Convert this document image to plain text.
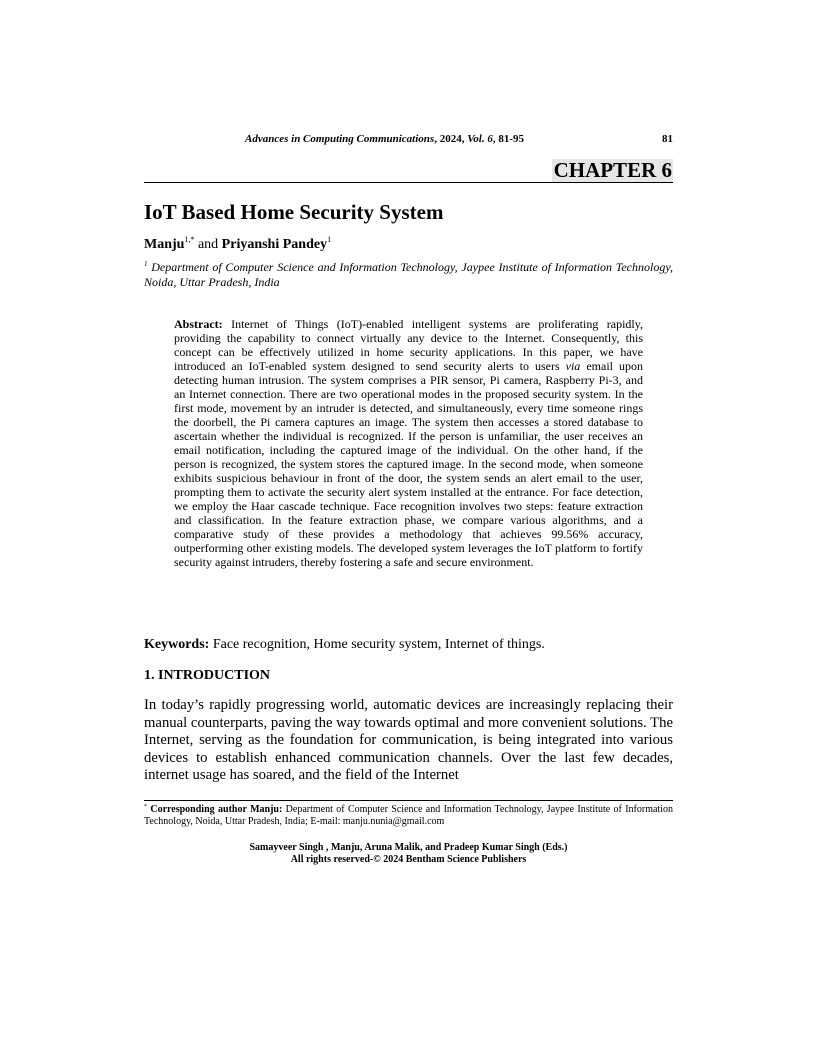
Advances in Computing Communications, 2024, Vol. 6, 81-95	81
CHAPTER 6
IoT Based Home Security System
Manju$^{1,*}$ and Priyanshi Pandey$^1$
$^1$ Department of Computer Science and Information Technology, Jaypee Institute of Information Technology, Noida, Uttar Pradesh, India
Abstract: Internet of Things (IoT)-enabled intelligent systems are proliferating rapidly, providing the capability to connect virtually any device to the Internet. Consequently, this concept can be effectively utilized in home security applications. In this paper, we have introduced an IoT-enabled system designed to send security alerts to users via email upon detecting human intrusion. The system comprises a PIR sensor, Pi camera, Raspberry Pi-3, and an Internet connection. There are two operational modes in the proposed security system. In the first mode, movement by an intruder is detected, and simultaneously, every time someone rings the doorbell, the Pi camera captures an image. The system then accesses a stored database to ascertain whether the individual is recognized. If the person is unfamiliar, the user receives an email notification, including the captured image of the individual. On the other hand, if the person is recognized, the system stores the captured image. In the second mode, when someone exhibits suspicious behaviour in front of the door, the system sends an alert email to the user, prompting them to activate the security alert system installed at the entrance. For face detection, we employ the Haar cascade technique. Face recognition involves two steps: feature extraction and classification. In the feature extraction phase, we compare various algorithms, and a comparative study of these provides a methodology that achieves 99.56% accuracy, outperforming other existing models. The developed system leverages the IoT platform to fortify security against intruders, thereby fostering a safe and secure environment.
Keywords: Face recognition, Home security system, Internet of things.
1. INTRODUCTION

In today’s rapidly progressing world, automatic devices are increasingly replacing their manual counterparts, paving the way towards optimal and more convenient solutions. The Internet, serving as the foundation for communication, is being integrated into various devices to establish enhanced communication channels. Over the last few decades, internet usage has soared, and the field of the Internet

* Corresponding author Manju: Department of Computer Science and Information Technology, Jaypee Institute of Information Technology, Noida, Uttar Pradesh, India; E-mail: manju.nunia@gmail.com
Samayveer Singh , Manju, Aruna Malik, and Pradeep Kumar Singh (Eds.)
All rights reserved-© 2024 Bentham Science Publishers
